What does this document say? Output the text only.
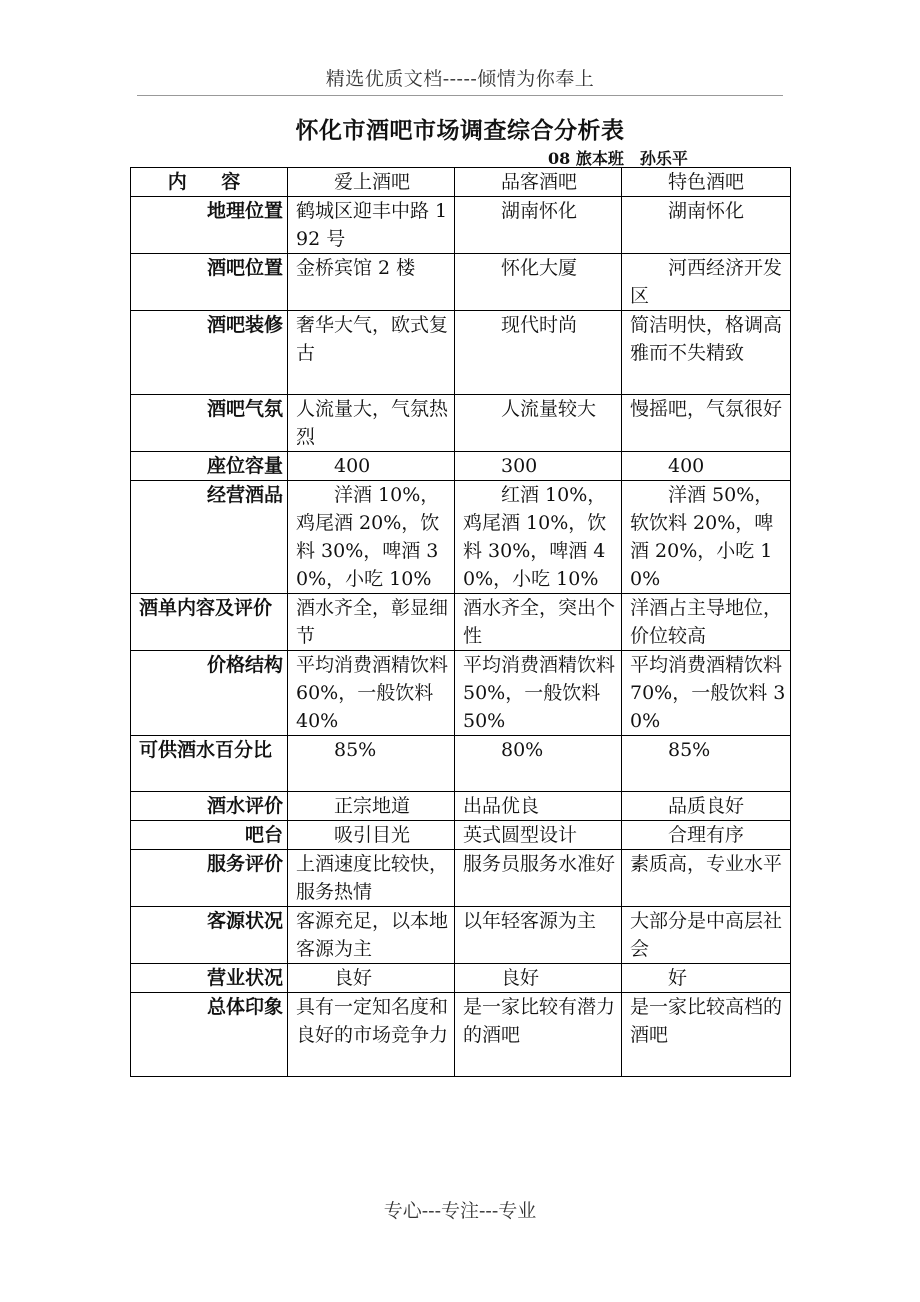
精选优质文档-----倾情为你奉上
怀化市酒吧市场调查综合分析表
08 旅本班 孙乐平
内 容	爱上酒吧	品客酒吧	特色酒吧
地理位置	鹤城区迎丰中路 192 号	湖南怀化	湖南怀化
酒吧位置	金桥宾馆 2 楼	怀化大厦	河西经济开发区
酒吧装修	奢华大气，欧式复古	现代时尚	简洁明快，格调高雅而不失精致
酒吧气氛	人流量大，气氛热烈	人流量较大	慢摇吧，气氛很好
座位容量	400	300	400
经营酒品	洋酒 10%，鸡尾酒 20%，饮料 30%，啤酒 30%，小吃 10%	红酒 10%，鸡尾酒 10%，饮料 30%，啤酒 40%，小吃 10%	洋酒 50%，软饮料 20%，啤酒 20%，小吃 10%
酒单内容及评价	酒水齐全，彰显细节	酒水齐全，突出个性	洋酒占主导地位，价位较高
价格结构	平均消费酒精饮料 60%，一般饮料 40%	平均消费酒精饮料 50%，一般饮料 50%	平均消费酒精饮料 70%，一般饮料 30%
可供酒水百分比	85%	80%	85%
酒水评价	正宗地道	出品优良	品质良好
吧台	吸引目光	英式圆型设计	合理有序
服务评价	上酒速度比较快，服务热情	服务员服务水准好	素质高，专业水平
客源状况	客源充足，以本地客源为主	以年轻客源为主	大部分是中高层社会
营业状况	良好	良好	好
总体印象	具有一定知名度和良好的市场竞争力	是一家比较有潜力的酒吧	是一家比较高档的酒吧
专心---专注---专业
